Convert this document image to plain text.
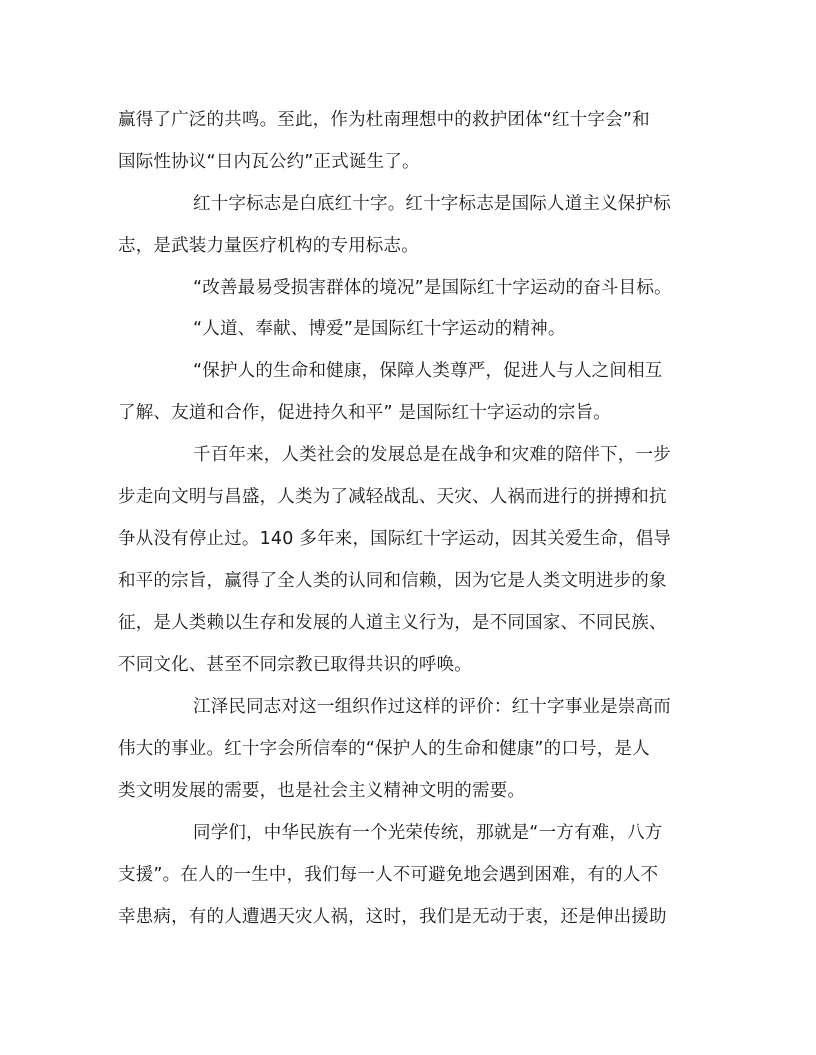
赢得了广泛的共鸣。至此，作为杜南理想中的救护团体“红十字会”和
国际性协议“日内瓦公约”正式诞生了。
红十字标志是白底红十字。红十字标志是国际人道主义保护标
志，是武装力量医疗机构的专用标志。
“改善最易受损害群体的境况”是国际红十字运动的奋斗目标。
“人道、奉献、博爱”是国际红十字运动的精神。
“保护人的生命和健康，保障人类尊严，促进人与人之间相互
了解、友道和合作，促进持久和平” 是国际红十字运动的宗旨。
千百年来，人类社会的发展总是在战争和灾难的陪伴下，一步
步走向文明与昌盛，人类为了减轻战乱、天灾、人祸而进行的拼搏和抗
争从没有停止过。140 多年来，国际红十字运动，因其关爱生命，倡导
和平的宗旨，赢得了全人类的认同和信赖，因为它是人类文明进步的象
征，是人类赖以生存和发展的人道主义行为，是不同国家、不同民族、
不同文化、甚至不同宗教已取得共识的呼唤。
江泽民同志对这一组织作过这样的评价：红十字事业是崇高而
伟大的事业。红十字会所信奉的“保护人的生命和健康”的口号，是人
类文明发展的需要，也是社会主义精神文明的需要。
同学们，中华民族有一个光荣传统，那就是“一方有难，八方
支援”。在人的一生中，我们每一人不可避免地会遇到困难，有的人不
幸患病，有的人遭遇天灾人祸，这时，我们是无动于衷，还是伸出援助
